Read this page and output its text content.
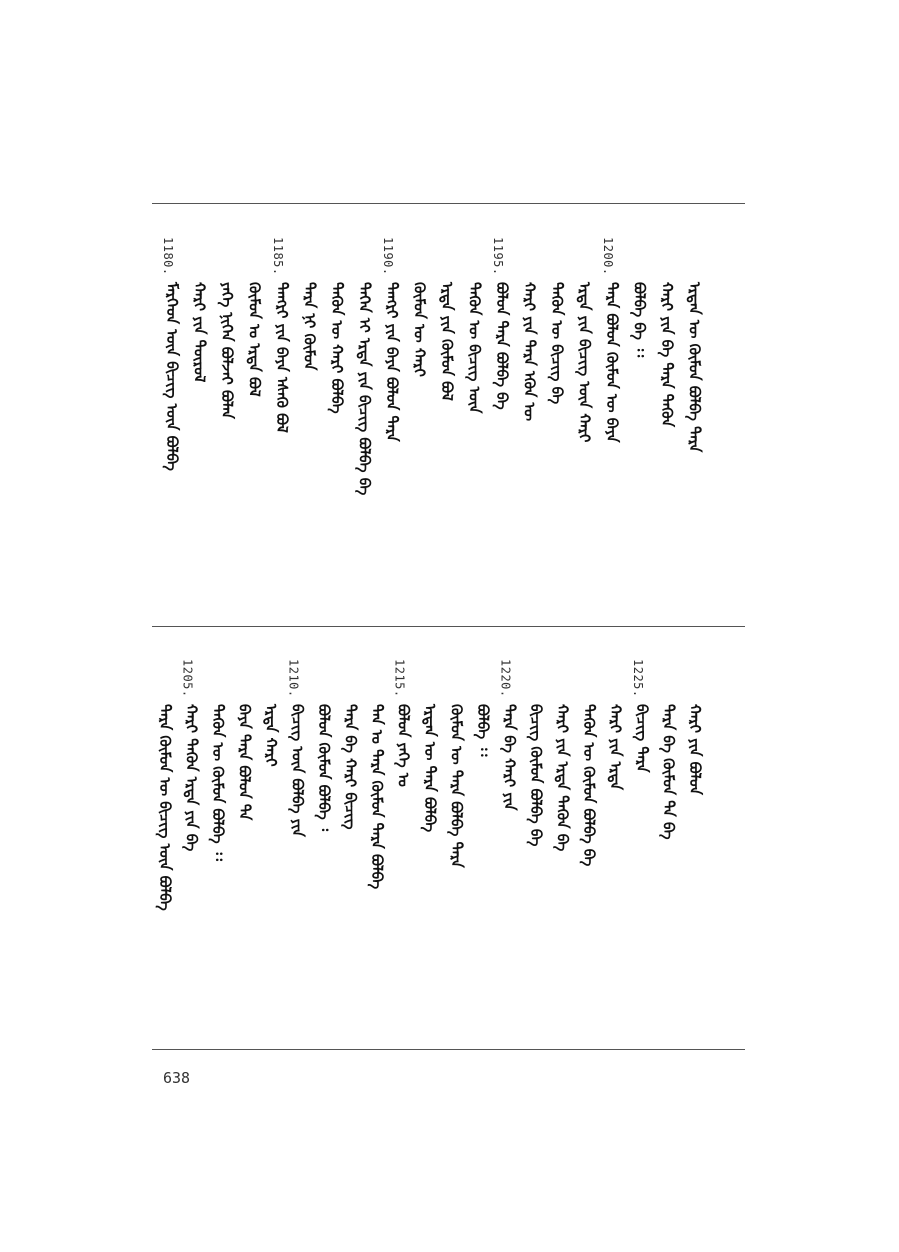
1180.
ᠮᠡᠷᠭᠡᠳ ᠦᠨ ᠪᠢᠴᠢᠭ᠌ ᠦᠨ ᠪᠣᠯᠪᠠ ᠬᠠᠷᠢ ᠶᠢᠨ ᠲᠦᠷᠦᠯ ᠶᠡᠬᠡ ᠨᠢᠭᠡᠨ ᠪᠣᠯᠵᠠᠢ ᠪᠣᠯᠠᠨ ᠬᠦᠮᠦᠨ ᠤ ᠡᠷᠲᠡ ᠪᠣᠯ
1185.
ᠲᠡᠨᠭᠷᠢ ᠶᠢᠨ ᠪᠡᠶᠡ ᠡᠰᠡᠬᠦ ᠪᠣᠯ ᠲᠡᠷᠡ ᠨᠢ ᠬᠦᠮᠦᠨ ᠲᠡᠭᠦᠨ ᠦ ᠬᠠᠷᠢ ᠪᠣᠯᠪᠠ ᠲᠡᠭᠡᠨ ᠢ ᠡᠷᠲᠡ ᠶᠢᠨ ᠪᠢᠴᠢᠭ᠌ ᠪᠣᠯᠪᠠ ᠪᠡ
1190.
ᠲᠡᠨᠭᠷᠢ ᠶᠢᠨ ᠪᠡᠶᠡ ᠪᠣᠯᠤᠨ ᠲᠡᠷᠡ ᠬᠦᠮᠦᠨ ᠦ ᠬᠠᠷᠢ ᠡᠷᠲᠡ ᠶᠢᠨ ᠬᠦᠮᠦᠨ ᠪᠣᠯ ᠲᠡᠭᠦᠨ ᠦ ᠪᠢᠴᠢᠭ᠌ ᠦᠨ
1195.
ᠪᠣᠯᠤᠨ ᠲᠡᠷᠡ ᠪᠣᠯᠪᠠ ᠪᠡ ᠬᠠᠷᠢ ᠶᠢᠨ ᠲᠡᠷᠡ ᠡᠭᠦᠨ ᠦ ᠲᠡᠭᠦᠨ ᠦ ᠪᠢᠴᠢᠭ᠌ ᠪᠡ ᠡᠷᠲᠡ ᠶᠢᠨ ᠪᠢᠴᠢᠭ᠌ ᠦᠨ ᠬᠠᠷᠢ
1200.
ᠲᠡᠷᠡ ᠪᠣᠯᠤᠨ ᠬᠦᠮᠦᠨ ᠦ ᠪᠡᠶᠡ ᠪᠣᠯᠪᠠ ᠪᠡ ᠄᠄ ᠬᠠᠷᠢ ᠶᠢᠨ ᠪᠡ ᠲᠡᠷᠡ ᠲᠡᠭᠦᠨ ᠡᠷᠲᠡᠨ ᠦ ᠬᠦᠮᠦᠨ ᠪᠣᠯᠪᠠ ᠲᠡᠷᠡ
ᠲᠡᠷᠡ ᠬᠦᠮᠦᠨ ᠦ ᠪᠢᠴᠢᠭ᠌ ᠦᠨ ᠪᠣᠯᠪᠠ
1205.
ᠬᠠᠷᠢ ᠲᠡᠭᠦᠨ ᠡᠷᠲᠡ ᠶᠢᠨ ᠪᠡ ᠲᠡᠭᠦᠨ ᠦ ᠬᠦᠮᠦᠨ ᠪᠣᠯᠪᠠ ᠄᠄ ᠪᠡᠶᠡ ᠲᠡᠷᠡ ᠪᠣᠯᠤᠨ ᠲᠡ ᠡᠷᠲᠡ ᠬᠠᠷᠢ
1210.
ᠪᠢᠴᠢᠭ᠌ ᠦᠨ ᠪᠣᠯᠪᠠ ᠶᠢᠨ ᠪᠣᠯᠤᠨ ᠬᠦᠮᠦᠨ ᠪᠣᠯᠪᠠ ᠄ ᠲᠡᠷᠡ ᠪᠡ ᠬᠠᠷᠢ ᠪᠢᠴᠢᠭ᠌ ᠲᠡᠨ ᠤ ᠲᠡᠷᠡ ᠬᠦᠮᠦᠨ ᠲᠡᠷᠡ ᠪᠣᠯᠪᠠ
1215.
ᠪᠣᠯᠤᠨ ᠶᠡᠬᠡ ᠤ ᠡᠷᠲᠡᠨ ᠦ ᠲᠡᠷᠡ ᠪᠣᠯᠪᠠ ᠬᠦᠮᠦᠨ ᠦ ᠲᠡᠷᠡ ᠪᠣᠯᠪᠠ ᠲᠡᠷᠡ ᠪᠣᠯᠪᠠ ᠄᠄
1220.
ᠲᠡᠷᠡ ᠪᠡ ᠬᠠᠷᠢ ᠶᠢᠨ ᠪᠢᠴᠢᠭ᠌ ᠬᠦᠮᠦᠨ ᠪᠣᠯᠪᠠ ᠪᠡ ᠬᠠᠷᠢ ᠶᠢᠨ ᠡᠷᠲᠡ ᠲᠡᠭᠦᠨ ᠪᠡ ᠲᠡᠭᠦᠨ ᠦ ᠬᠦᠮᠦᠨ ᠪᠣᠯᠪᠠ ᠪᠡ ᠬᠠᠷᠢ ᠶᠢᠨ ᠡᠷᠲᠡ
1225.
ᠪᠢᠴᠢᠭ᠌ ᠲᠡᠷᠡ ᠲᠡᠷᠡ ᠪᠡ ᠬᠦᠮᠦᠨ ᠲᠡ ᠪᠡ ᠬᠠᠷᠢ ᠶᠢᠨ ᠪᠣᠯᠤᠨ
638
